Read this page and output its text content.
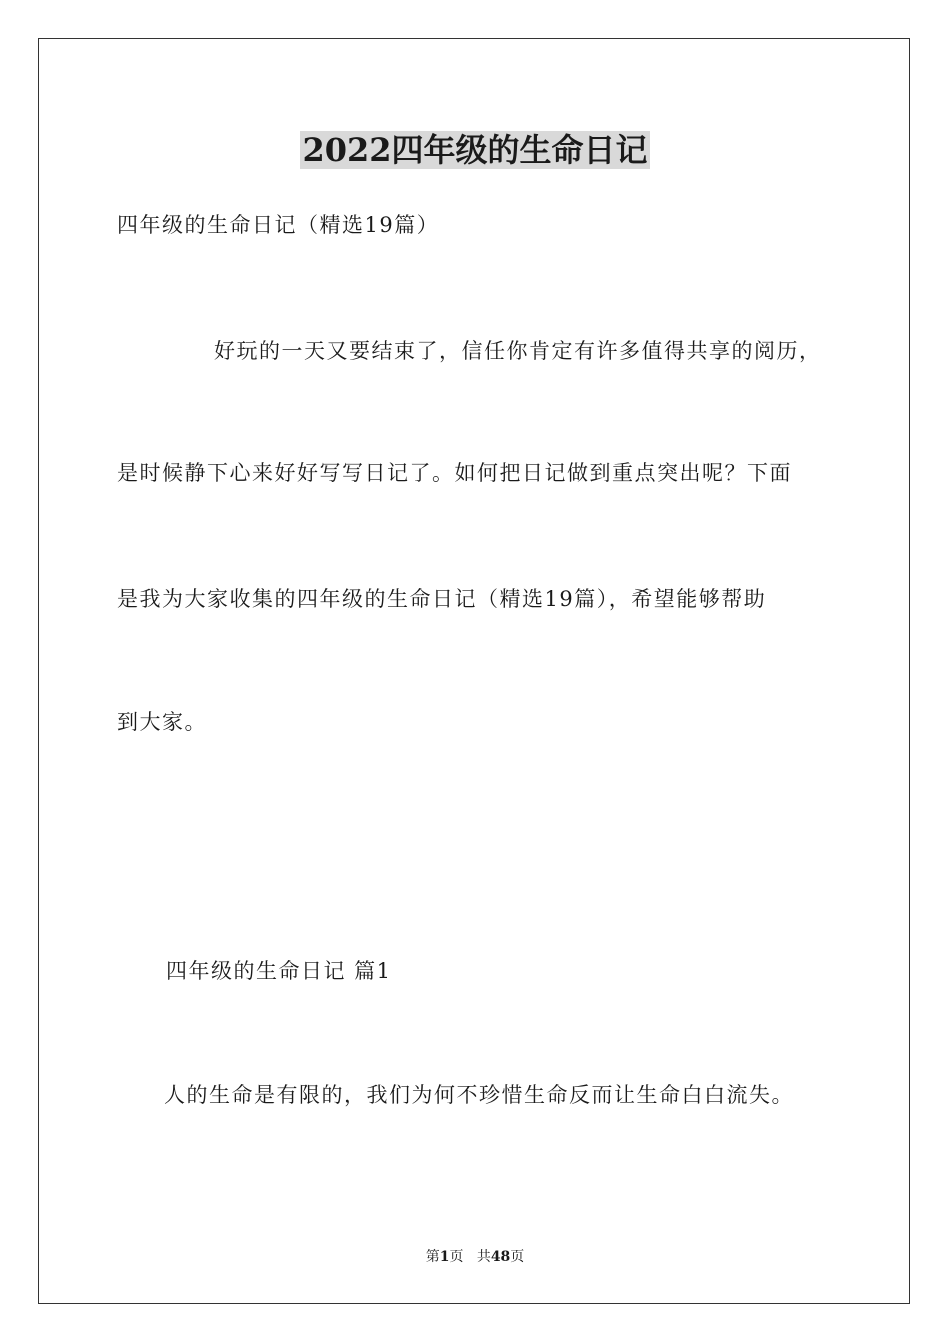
2022四年级的生命日记
四年级的生命日记（精选19篇）
好玩的一天又要结束了，信任你肯定有许多值得共享的阅历，
是时候静下心来好好写写日记了。如何把日记做到重点突出呢？下面
是我为大家收集的四年级的生命日记（精选19篇），希望能够帮助
到大家。
四年级的生命日记 篇1
人的生命是有限的，我们为何不珍惜生命反而让生命白白流失。
第1页 共48页
